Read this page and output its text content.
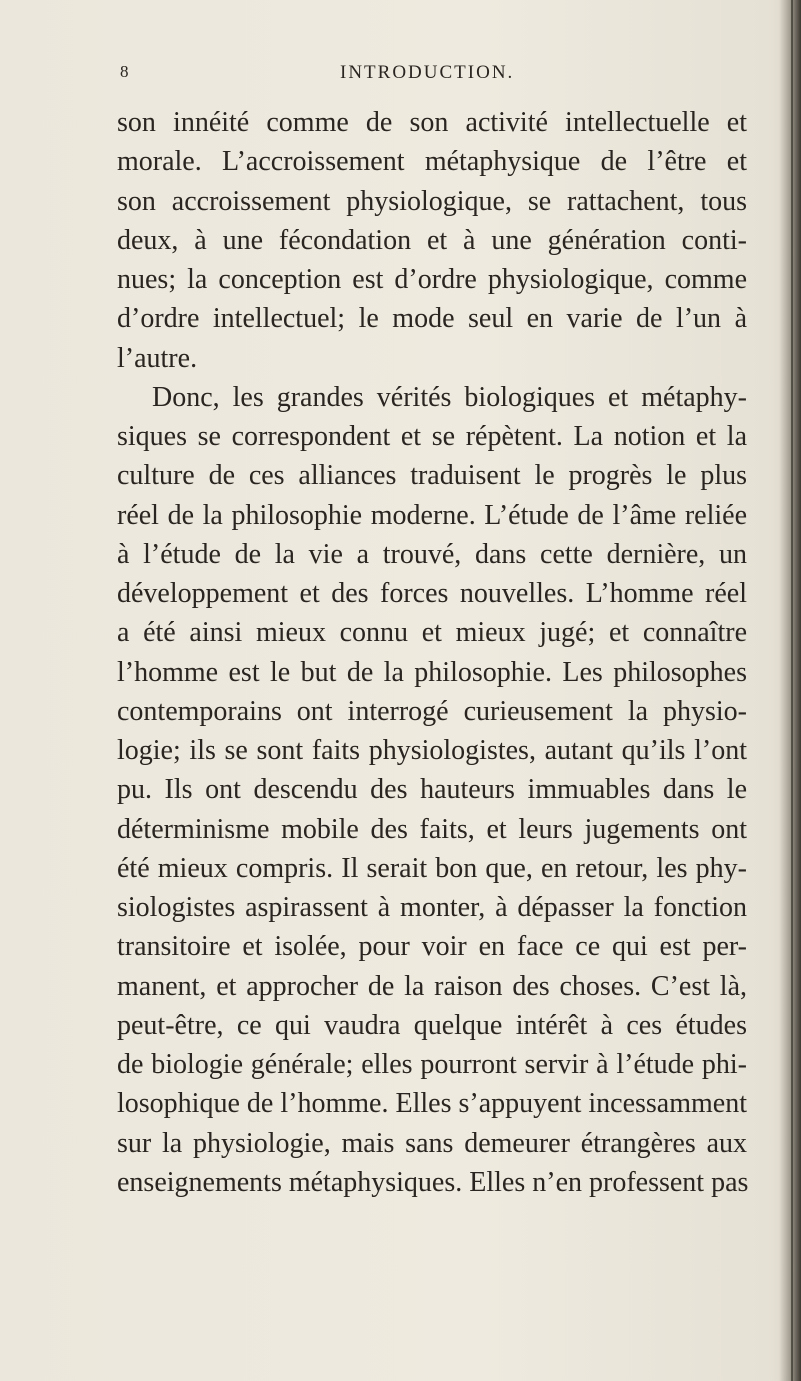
8	INTRODUCTION.
son innéité comme de son activité intellectuelle et
morale. L’accroissement métaphysique de l’être et
son accroissement physiologique, se rattachent, tous
deux, à une fécondation et à une génération conti-
nues; la conception est d’ordre physiologique, comme
d’ordre intellectuel; le mode seul en varie de l’un à
l’autre.
Donc, les grandes vérités biologiques et métaphy-
siques se correspondent et se répètent. La notion et la
culture de ces alliances traduisent le progrès le plus
réel de la philosophie moderne. L’étude de l’âme reliée
à l’étude de la vie a trouvé, dans cette dernière, un
développement et des forces nouvelles. L’homme réel
a été ainsi mieux connu et mieux jugé; et connaître
l’homme est le but de la philosophie. Les philosophes
contemporains ont interrogé curieusement la physio-
logie; ils se sont faits physiologistes, autant qu’ils l’ont
pu. Ils ont descendu des hauteurs immuables dans le
déterminisme mobile des faits, et leurs jugements ont
été mieux compris. Il serait bon que, en retour, les phy-
siologistes aspirassent à monter, à dépasser la fonction
transitoire et isolée, pour voir en face ce qui est per-
manent, et approcher de la raison des choses. C’est là,
peut-être, ce qui vaudra quelque intérêt à ces études
de biologie générale; elles pourront servir à l’étude phi-
losophique de l’homme. Elles s’appuyent incessamment
sur la physiologie, mais sans demeurer étrangères aux
enseignements métaphysiques. Elles n’en professent pas
